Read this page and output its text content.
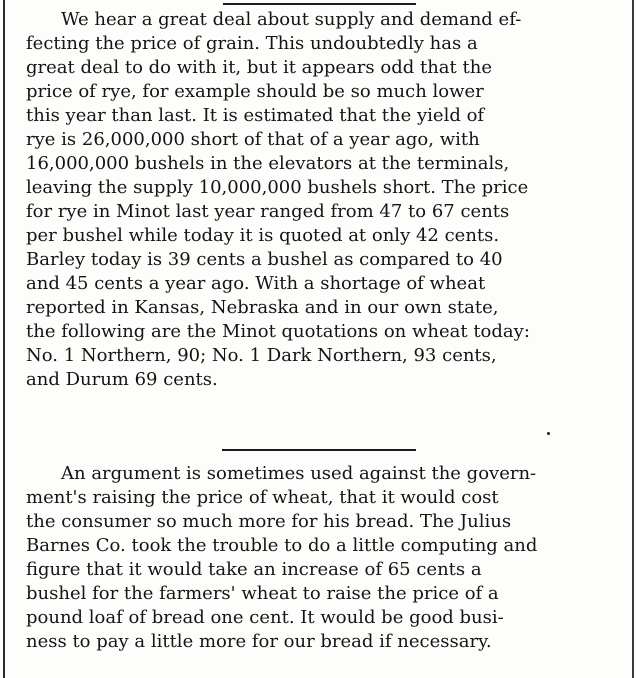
We hear a great deal about supply and demand ef-
fecting the price of grain. This undoubtedly has a
great deal to do with it, but it appears odd that the
price of rye, for example should be so much lower
this year than last. It is estimated that the yield of
rye is 26,000,000 short of that of a year ago, with
16,000,000 bushels in the elevators at the terminals,
leaving the supply 10,000,000 bushels short. The price
for rye in Minot last year ranged from 47 to 67 cents
per bushel while today it is quoted at only 42 cents.
Barley today is 39 cents a bushel as compared to 40
and 45 cents a year ago. With a shortage of wheat
reported in Kansas, Nebraska and in our own state,
the following are the Minot quotations on wheat today:
No. 1 Northern, 90; No. 1 Dark Northern, 93 cents,
and Durum 69 cents.
An argument is sometimes used against the govern-
ment's raising the price of wheat, that it would cost
the consumer so much more for his bread. The Julius
Barnes Co. took the trouble to do a little computing and
figure that it would take an increase of 65 cents a
bushel for the farmers' wheat to raise the price of a
pound loaf of bread one cent. It would be good busi-
ness to pay a little more for our bread if necessary.
